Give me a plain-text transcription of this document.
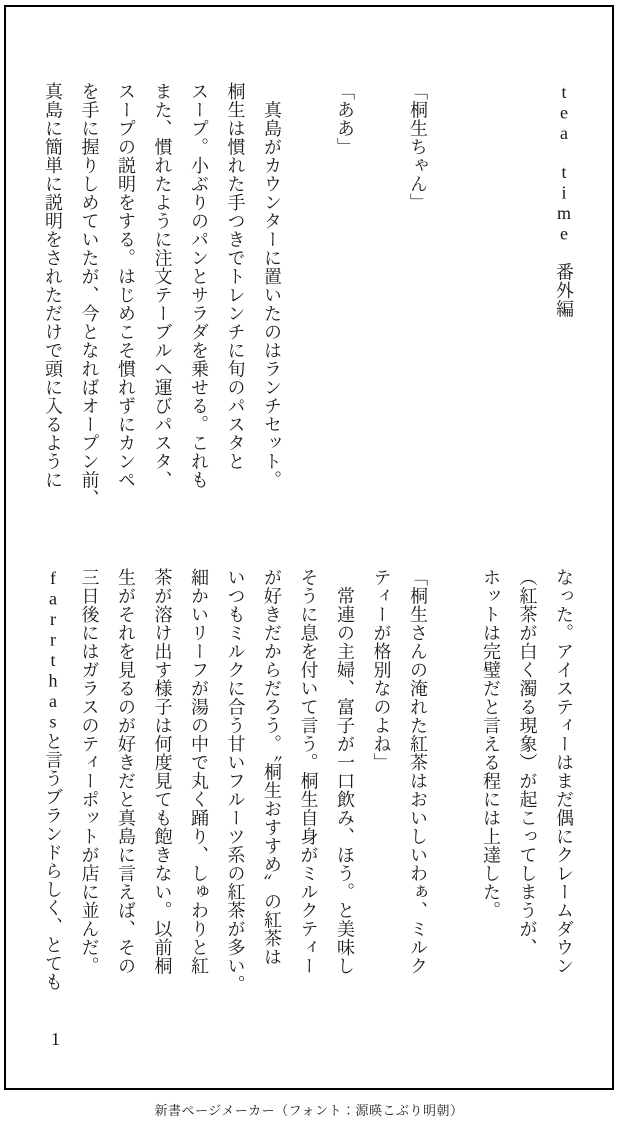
tea　time　番外編

「桐生ちゃん」

「ああ」

　真島がカウンターに置いたのはランチセット。

桐生は慣れた手つきでトレンチに旬のパスタと

スープ。小ぶりのパンとサラダを乗せる。これも

また、慣れたように注文テーブルへ運びパスタ、

スープの説明をする。はじめこそ慣れずにカンペ

を手に握りしめていたが、今となればオープン前、

真島に簡単に説明をされただけで頭に入るように

なった。アイスティーはまだ偶にクレームダウン

（紅茶が白く濁る現象）が起こってしまうが、

ホットは完璧だと言える程には上達した。

「桐生さんの淹れた紅茶はおいしいわぁ、ミルク

ティーが格別なのよね」

　常連の主婦、富子が一口飲み、ほう。と美味し

そうに息を付いて言う。桐生自身がミルクティー

が好きだからだろう。〝桐生おすすめ〟の紅茶は

いつもミルクに合う甘いフルーツ系の紅茶が多い。

細かいリーフが湯の中で丸く踊り、しゅわりと紅

茶が溶け出す様子は何度見ても飽きない。以前桐

生がそれを見るのが好きだと真島に言えば、その

三日後にはガラスのティーポットが店に並んだ。

farrthasと言うブランドらしく、とても

1
新書ページメーカー（フォント：源暎こぶり明朝）
